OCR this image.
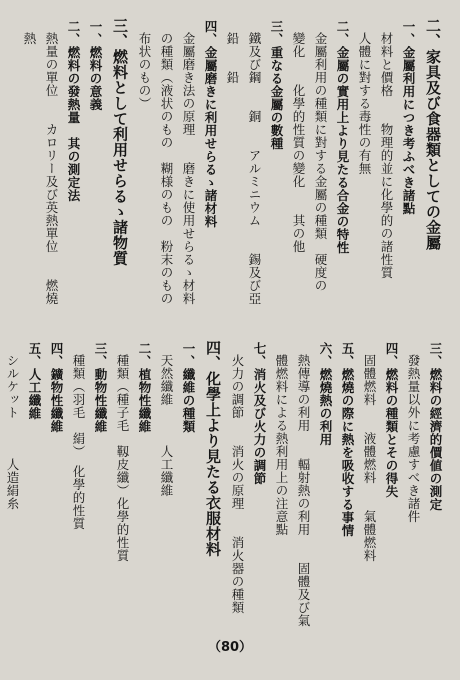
二、家具及び食器類としての金屬
一、金屬利用につき考ふべき諸點
材料と價格　　物理的並に化學的の諸性質
人體に對する毒性の有無
二、金屬の實用上より見たる合金の特性
金屬利用の種類に對する金屬の種類　硬度の
變化　　化學的性質の變化　　其の他
三、重なる金屬の數種
鐵及び鋼　　銅　　アルミニウム　　錫及び亞
鉛　　鉛
四、金屬磨きに利用せらるゝ諸材料
金屬磨き法の原理　　磨きに使用せらるゝ材料
の種類（液状のもの　糊様のもの　粉末のもの
布状のもの）
三、燃料として利用せらるゝ諸物質
一、燃料の意義
二、燃料の發熱量　其の測定法
熱量の單位　　カロリー及び英熱單位　　燃燒
熱
三、燃料の經濟的價値の測定
發熱量以外に考慮すべき諸件
四、燃料の種類とその得失
固體燃料　　液體燃料　　氣體燃料
五、燃燒の際に熱を吸收する事情
六、燃燒熱の利用
熱傳導の利用　　輻射熱の利用　　固體及び氣
體燃料による熱利用上の注意點
七、消火及び火力の調節
火力の調節　　消火の原理　　消火器の種類
四、化學上より見たる衣服材料
一、纖維の種類
天然纖維　　　人工纖維
二、植物性纖維
種類（種子毛　靱皮纖）化學的性質
三、動物性纖維
種類（羽毛　絹）　化學的性質
四、鑛物性纖維
五、人工纖維
シルケット　　　人造絹糸
（80）
